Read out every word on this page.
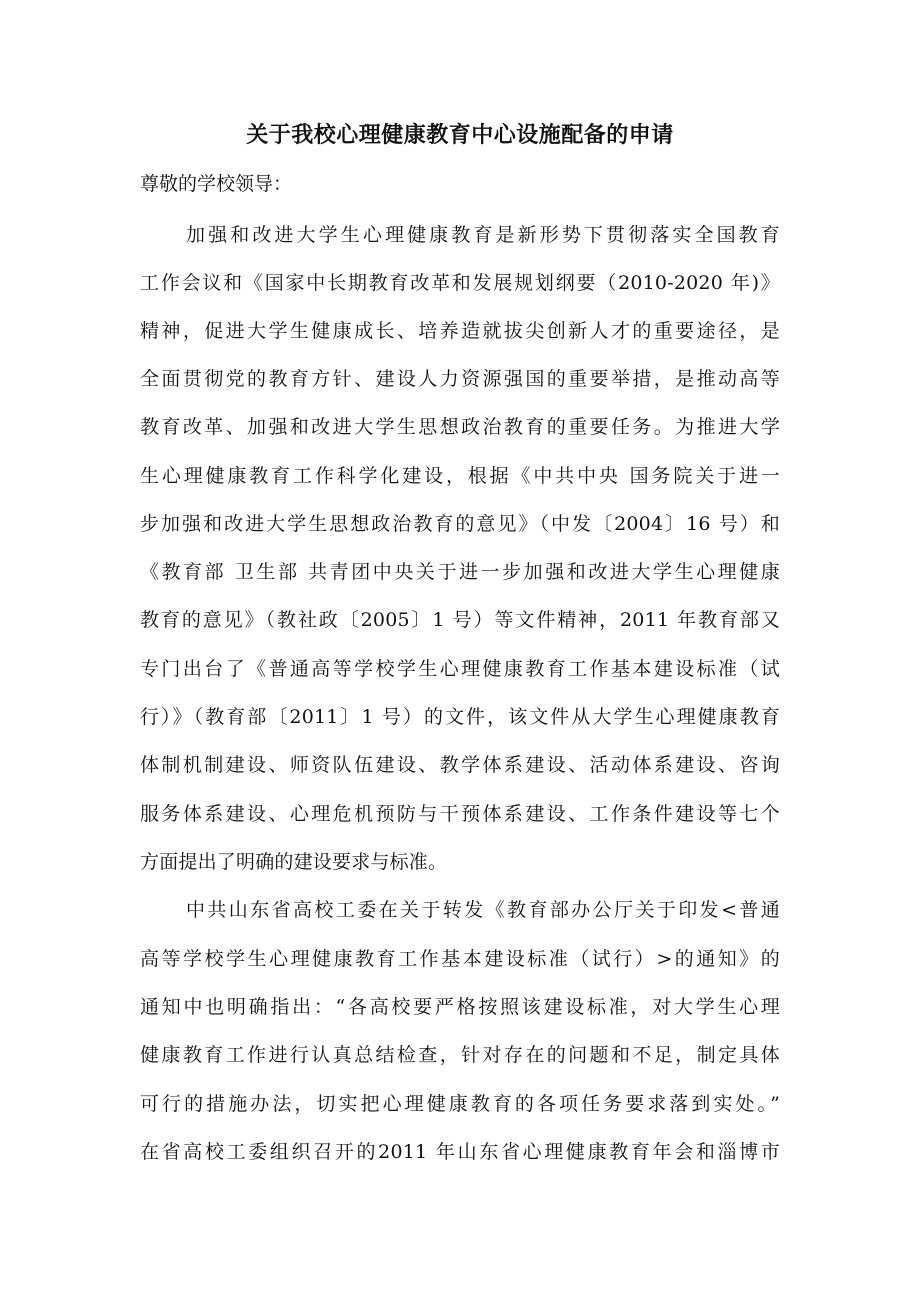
关于我校心理健康教育中心设施配备的申请
尊敬的学校领导：
加强和改进大学生心理健康教育是新形势下贯彻落实全国教育
工作会议和《国家中长期教育改革和发展规划纲要（2010-2020 年)》
精神，促进大学生健康成长、培养造就拔尖创新人才的重要途径，是
全面贯彻党的教育方针、建设人力资源强国的重要举措，是推动高等
教育改革、加强和改进大学生思想政治教育的重要任务。为推进大学
生心理健康教育工作科学化建设，根据《中共中央 国务院关于进一
步加强和改进大学生思想政治教育的意见》（中发〔2004〕16 号）和
《教育部 卫生部 共青团中央关于进一步加强和改进大学生心理健康
教育的意见》（教社政〔2005〕1 号）等文件精神，2011 年教育部又
专门出台了《普通高等学校学生心理健康教育工作基本建设标准（试
行）》（教育部〔2011〕1 号）的文件，该文件从大学生心理健康教育
体制机制建设、师资队伍建设、教学体系建设、活动体系建设、咨询
服务体系建设、心理危机预防与干预体系建设、工作条件建设等七个
方面提出了明确的建设要求与标准。
中共山东省高校工委在关于转发《教育部办公厅关于印发<普通
高等学校学生心理健康教育工作基本建设标准（试行）>的通知》的
通知中也明确指出：“各高校要严格按照该建设标准，对大学生心理
健康教育工作进行认真总结检查，针对存在的问题和不足，制定具体
可行的措施办法，切实把心理健康教育的各项任务要求落到实处。”
在省高校工委组织召开的2011 年山东省心理健康教育年会和淄博市
